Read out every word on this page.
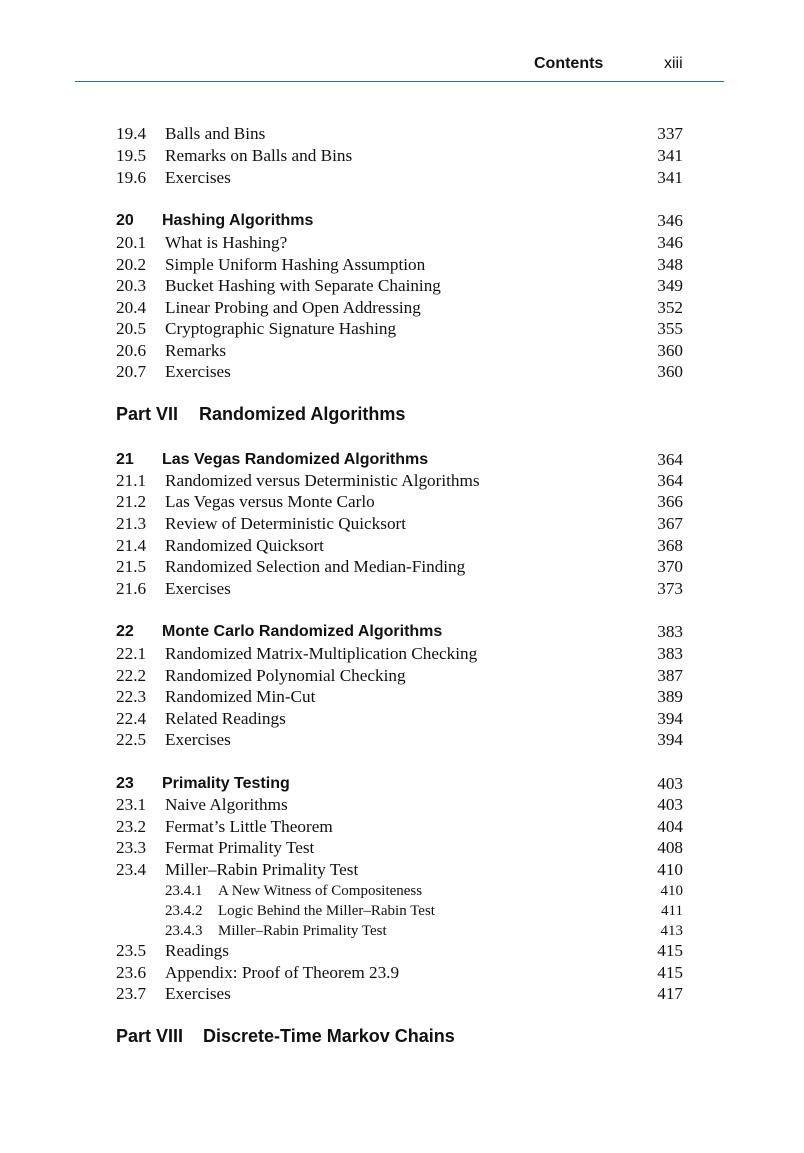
Contents	xiii
19.4 Balls and Bins	337
19.5 Remarks on Balls and Bins	341
19.6 Exercises	341
20 Hashing Algorithms	346
20.1 What is Hashing?	346
20.2 Simple Uniform Hashing Assumption	348
20.3 Bucket Hashing with Separate Chaining	349
20.4 Linear Probing and Open Addressing	352
20.5 Cryptographic Signature Hashing	355
20.6 Remarks	360
20.7 Exercises	360
Part VII Randomized Algorithms
21 Las Vegas Randomized Algorithms	364
21.1 Randomized versus Deterministic Algorithms	364
21.2 Las Vegas versus Monte Carlo	366
21.3 Review of Deterministic Quicksort	367
21.4 Randomized Quicksort	368
21.5 Randomized Selection and Median-Finding	370
21.6 Exercises	373
22 Monte Carlo Randomized Algorithms	383
22.1 Randomized Matrix-Multiplication Checking	383
22.2 Randomized Polynomial Checking	387
22.3 Randomized Min-Cut	389
22.4 Related Readings	394
22.5 Exercises	394
23 Primality Testing	403
23.1 Naive Algorithms	403
23.2 Fermat’s Little Theorem	404
23.3 Fermat Primality Test	408
23.4 Miller–Rabin Primality Test	410
23.4.1 A New Witness of Compositeness	410
23.4.2 Logic Behind the Miller–Rabin Test	411
23.4.3 Miller–Rabin Primality Test	413
23.5 Readings	415
23.6 Appendix: Proof of Theorem 23.9	415
23.7 Exercises	417
Part VIII Discrete-Time Markov Chains
